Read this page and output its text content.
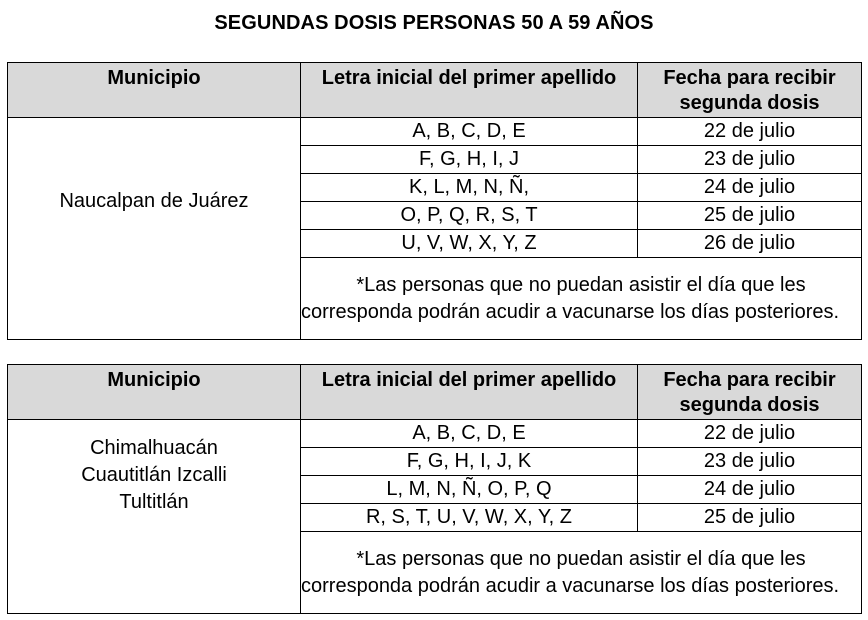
SEGUNDAS DOSIS PERSONAS 50 A 59 AÑOS
Municipio	Letra inicial del primer apellido	Fecha para recibir segunda dosis

Naucalpan de Juárez	A, B, C, D, E	22 de julio
	F, G, H, I, J	23 de julio
	K, L, M, N, Ñ,	24 de julio
	O, P, Q, R, S, T	25 de julio
	U, V, W, X, Y, Z	26 de julio

	*Las personas que no puedan asistir el día que les corresponda podrán acudir a vacunarse los días posteriores.	
Municipio	Letra inicial del primer apellido	Fecha para recibir segunda dosis

Chimalhuacán
Cuautitlán Izcalli
Tultitlán	A, B, C, D, E	22 de julio
	F, G, H, I, J, K	23 de julio
	L, M, N, Ñ, O, P, Q	24 de julio
	R, S, T, U, V, W, X, Y, Z	25 de julio

	*Las personas que no puedan asistir el día que les corresponda podrán acudir a vacunarse los días posteriores.	
